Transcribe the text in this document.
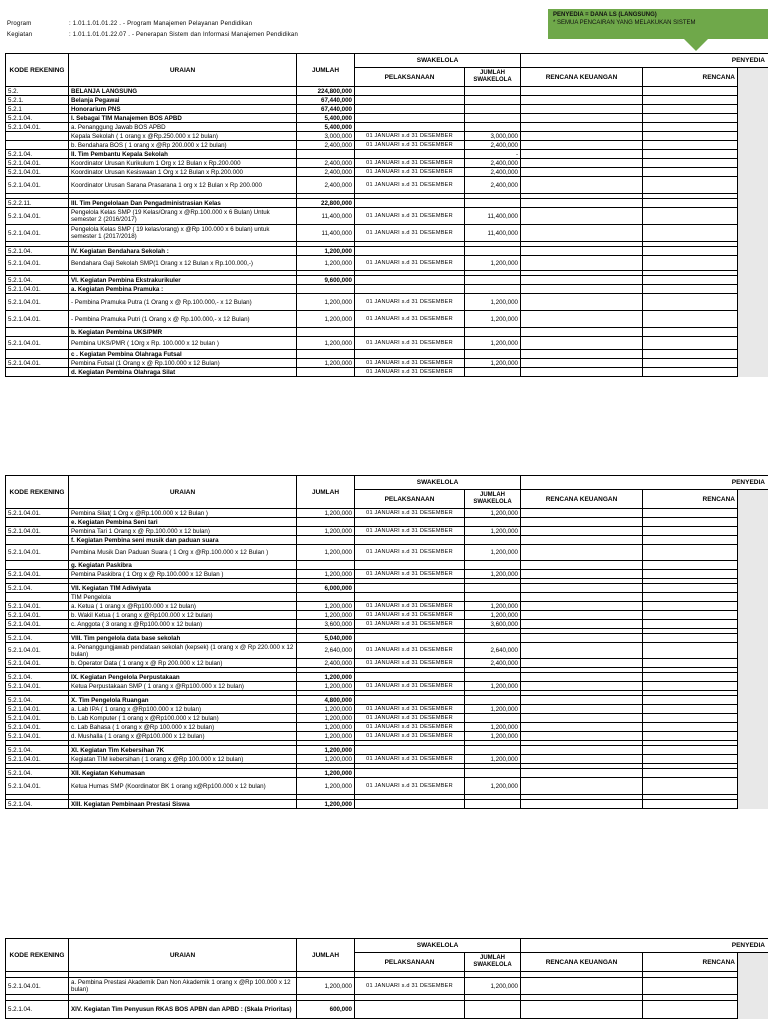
Program	: 1.01.1.01.01.22 . - Program Manajemen Pelayanan Pendidikan
Kegiatan	: 1.01.1.01.01.22.07 . - Penerapan Sistem dan Informasi Manajemen Pendidikan
PENYEDIA = DANA LS (LANGSUNG)
* SEMUA PENCAIRAN YANG MELAKUKAN SISTEM
KODE REKENING	URAIAN	JUMLAH	SWAKELOLA		PENYEDIA		
			PELAKSANAAN	JUMLAH SWAKELOLA	RENCANA KEUANGAN	RENCANA	
5.2.	BELANJA LANGSUNG	224,800,000					
5.2.1.	Belanja Pegawai	67,440,000					
5.2.1	Honorarium PNS	67,440,000					
5.2.1.04.	I. Sebagai TIM Manajemen BOS APBD	5,400,000					
5.2.1.04.01.	a. Penanggung Jawab BOS APBD	5,400,000					
	Kepala Sekolah ( 1 orang x @Rp.250.000 x 12 bulan)	3,000,000	01 JANUARI s.d 31 DESEMBER	3,000,000			
	b. Bendahara BOS ( 1 orang x @Rp 200.000 x 12 bulan)	2,400,000	01 JANUARI s.d 31 DESEMBER	2,400,000			
5.2.1.04.	II. Tim Pembantu Kepala Sekolah			-			
5.2.1.04.01.	Koordinator Urusan Kurikulum 1 Org x 12 Bulan x Rp.200.000	2,400,000	01 JANUARI s.d 31 DESEMBER	2,400,000			
5.2.1.04.01.	Koordinator Urusan Kesiswaan 1 Org x 12 Bulan x Rp.200.000	2,400,000	01 JANUARI s.d 31 DESEMBER	2,400,000			
5.2.1.04.01.	Koordinator Urusan Sarana Prasarana 1 org x 12 Bulan x Rp 200.000	2,400,000	01 JANUARI s.d 31 DESEMBER	2,400,000			

5.2.2.11.	III. Tim Pengelolaan Dan Pengadministrasian Kelas	22,800,000					
5.2.1.04.01.	Pengelola Kelas SMP (19 Kelas/Orang x @Rp.100.000 x 6 Bulan) Untuk semester 2 (2016/2017)	11,400,000	01 JANUARI s.d 31 DESEMBER	11,400,000			
5.2.1.04.01.	Pengelola Kelas SMP ( 19 kelas/orang) x @Rp 100.000 x 6 bulan) untuk semester 1 (2017/2018)	11,400,000	01 JANUARI s.d 31 DESEMBER	11,400,000			

5.2.1.04.	IV. Kegiatan Bendahara Sekolah :	1,200,000					
5.2.1.04.01.	Bendahara Gaji Sekolah SMP(1 Orang x 12 Bulan x Rp.100.000,-)	1,200,000	01 JANUARI s.d 31 DESEMBER	1,200,000			

5.2.1.04.	VI. Kegiatan Pembina Ekstrakurikuler	9,600,000					
5.2.1.04.01.	a. Kegiatan Pembina Pramuka :						
5.2.1.04.01.	- Pembina Pramuka Putra (1 Orang x @ Rp.100.000,- x 12 Bulan)	1,200,000	01 JANUARI s.d 31 DESEMBER	1,200,000			
5.2.1.04.01.	- Pembina Pramuka Putri (1 Orang x @ Rp.100.000,- x 12 Bulan)	1,200,000	01 JANUARI s.d 31 DESEMBER	1,200,000			
	b. Kegiatan Pembina UKS/PMR						
5.2.1.04.01.	Pembina UKS/PMR ( 1Org x Rp. 100.000 x 12 bulan )	1,200,000	01 JANUARI s.d 31 DESEMBER	1,200,000			
	c . Kegiatan Pembina Olahraga Futsal						
5.2.1.04.01.	Pembina Futsal (1 Orang x @ Rp.100.000 x 12 Bulan)	1,200,000	01 JANUARI s.d 31 DESEMBER	1,200,000			
	d. Kegiatan Pembina Olahraga Silat		01 JANUARI s.d 31 DESEMBER				
KODE REKENING	URAIAN	JUMLAH	SWAKELOLA		PENYEDIA		
			PELAKSANAAN	JUMLAH SWAKELOLA	RENCANA KEUANGAN	RENCANA	
5.2.1.04.01.	Pembina Silat( 1 Org x @Rp.100.000 x 12 Bulan )	1,200,000	01 JANUARI s.d 31 DESEMBER	1,200,000			
	e. Kegiatan Pembina Seni tari						
5.2.1.04.01.	Pembina Tari 1 Orang x @ Rp.100.000 x 12 bulan)	1,200,000	01 JANUARI s.d 31 DESEMBER	1,200,000			
	f. Kegiatan Pembina seni musik dan paduan suara						
5.2.1.04.01.	Pembina Musik Dan Paduan Suara ( 1 Org x @Rp.100.000 x 12 Bulan )	1,200,000	01 JANUARI s.d 31 DESEMBER	1,200,000			
	g. Kegiatan Paskibra						
5.2.1.04.01.	Pembina Paskibra ( 1 Org x @ Rp.100.000 x 12 Bulan )	1,200,000	01 JANUARI s.d 31 DESEMBER	1,200,000			

5.2.1.04.	VII. Kegiatan TIM Adiwiyata	6,000,000					
	TIM Pengelola						
5.2.1.04.01.	a. Ketua ( 1 orang x @Rp100.000 x 12 bulan)	1,200,000	01 JANUARI s.d 31 DESEMBER	1,200,000			
5.2.1.04.01.	b. Wakil Ketua ( 1 orang x @Rp100.000 x 12 bulan)	1,200,000	01 JANUARI s.d 31 DESEMBER	1,200,000			
5.2.1.04.01.	c. Anggota ( 3 orang x @Rp100.000 x 12 bulan)	3,600,000	01 JANUARI s.d 31 DESEMBER	3,600,000			

5.2.1.04.	VIII. Tim pengelola data base sekolah	5,040,000					
5.2.1.04.01.	a. Penanggungjawab pendataan sekolah (kepsek) (1 orang x @ Rp 220.000 x 12 bulan)	2,640,000	01 JANUARI s.d 31 DESEMBER	2,640,000			
5.2.1.04.01.	b. Operator Data ( 1 orang x @ Rp 200.000 x 12 bulan)	2,400,000	01 JANUARI s.d 31 DESEMBER	2,400,000			

5.2.1.04.	IX. Kegiatan Pengelola Perpustakaan	1,200,000					
5.2.1.04.01.	Ketua Perpustakaan SMP ( 1 orang x @Rp100.000 x 12 bulan)	1,200,000	01 JANUARI s.d 31 DESEMBER	1,200,000			

5.2.1.04.	X. Tim Pengelola Ruangan	4,800,000					
5.2.1.04.01.	a. Lab IPA ( 1 orang x @Rp100.000 x 12 bulan)	1,200,000	01 JANUARI s.d 31 DESEMBER	1,200,000			
5.2.1.04.01.	b. Lab Komputer ( 1 orang x @Rp100.000 x 12 bulan)	1,200,000	01 JANUARI s.d 31 DESEMBER				
5.2.1.04.01.	c. Lab Bahasa ( 1 orang x @Rp 100.000 x 12 bulan)	1,200,000	01 JANUARI s.d 31 DESEMBER	1,200,000			
5.2.1.04.01.	d. Mushalla ( 1 orang x @Rp100.000 x 12 bulan)	1,200,000	01 JANUARI s.d 31 DESEMBER	1,200,000			

5.2.1.04.	XI. Kegiatan Tim Kebersihan 7K	1,200,000					
5.2.1.04.01.	Kegiatan TIM kebersihan ( 1 orang x @Rp 100.000 x 12 bulan)	1,200,000	01 JANUARI s.d 31 DESEMBER	1,200,000			

5.2.1.04.	XII. Kegiatan Kehumasan	1,200,000					
5.2.1.04.01.	Ketua Humas SMP (Koordinator BK 1 orang x@Rp100.000 x 12 bulan)	1,200,000	01 JANUARI s.d 31 DESEMBER	1,200,000			

5.2.1.04.	XIII. Kegiatan Pembinaan Prestasi Siswa	1,200,000					
KODE REKENING	URAIAN	JUMLAH	SWAKELOLA		PENYEDIA		
			PELAKSANAAN	JUMLAH SWAKELOLA	RENCANA KEUANGAN	RENCANA	

5.2.1.04.01.	a. Pembina Prestasi Akademik Dan Non Akademik 1 orang x @Rp 100.000 x 12 bulan)	1,200,000	01 JANUARI s.d 31 DESEMBER	1,200,000			

5.2.1.04.	XIV. Kegiatan Tim Penyusun RKAS BOS APBN dan APBD : (Skala Prioritas)	600,000					
